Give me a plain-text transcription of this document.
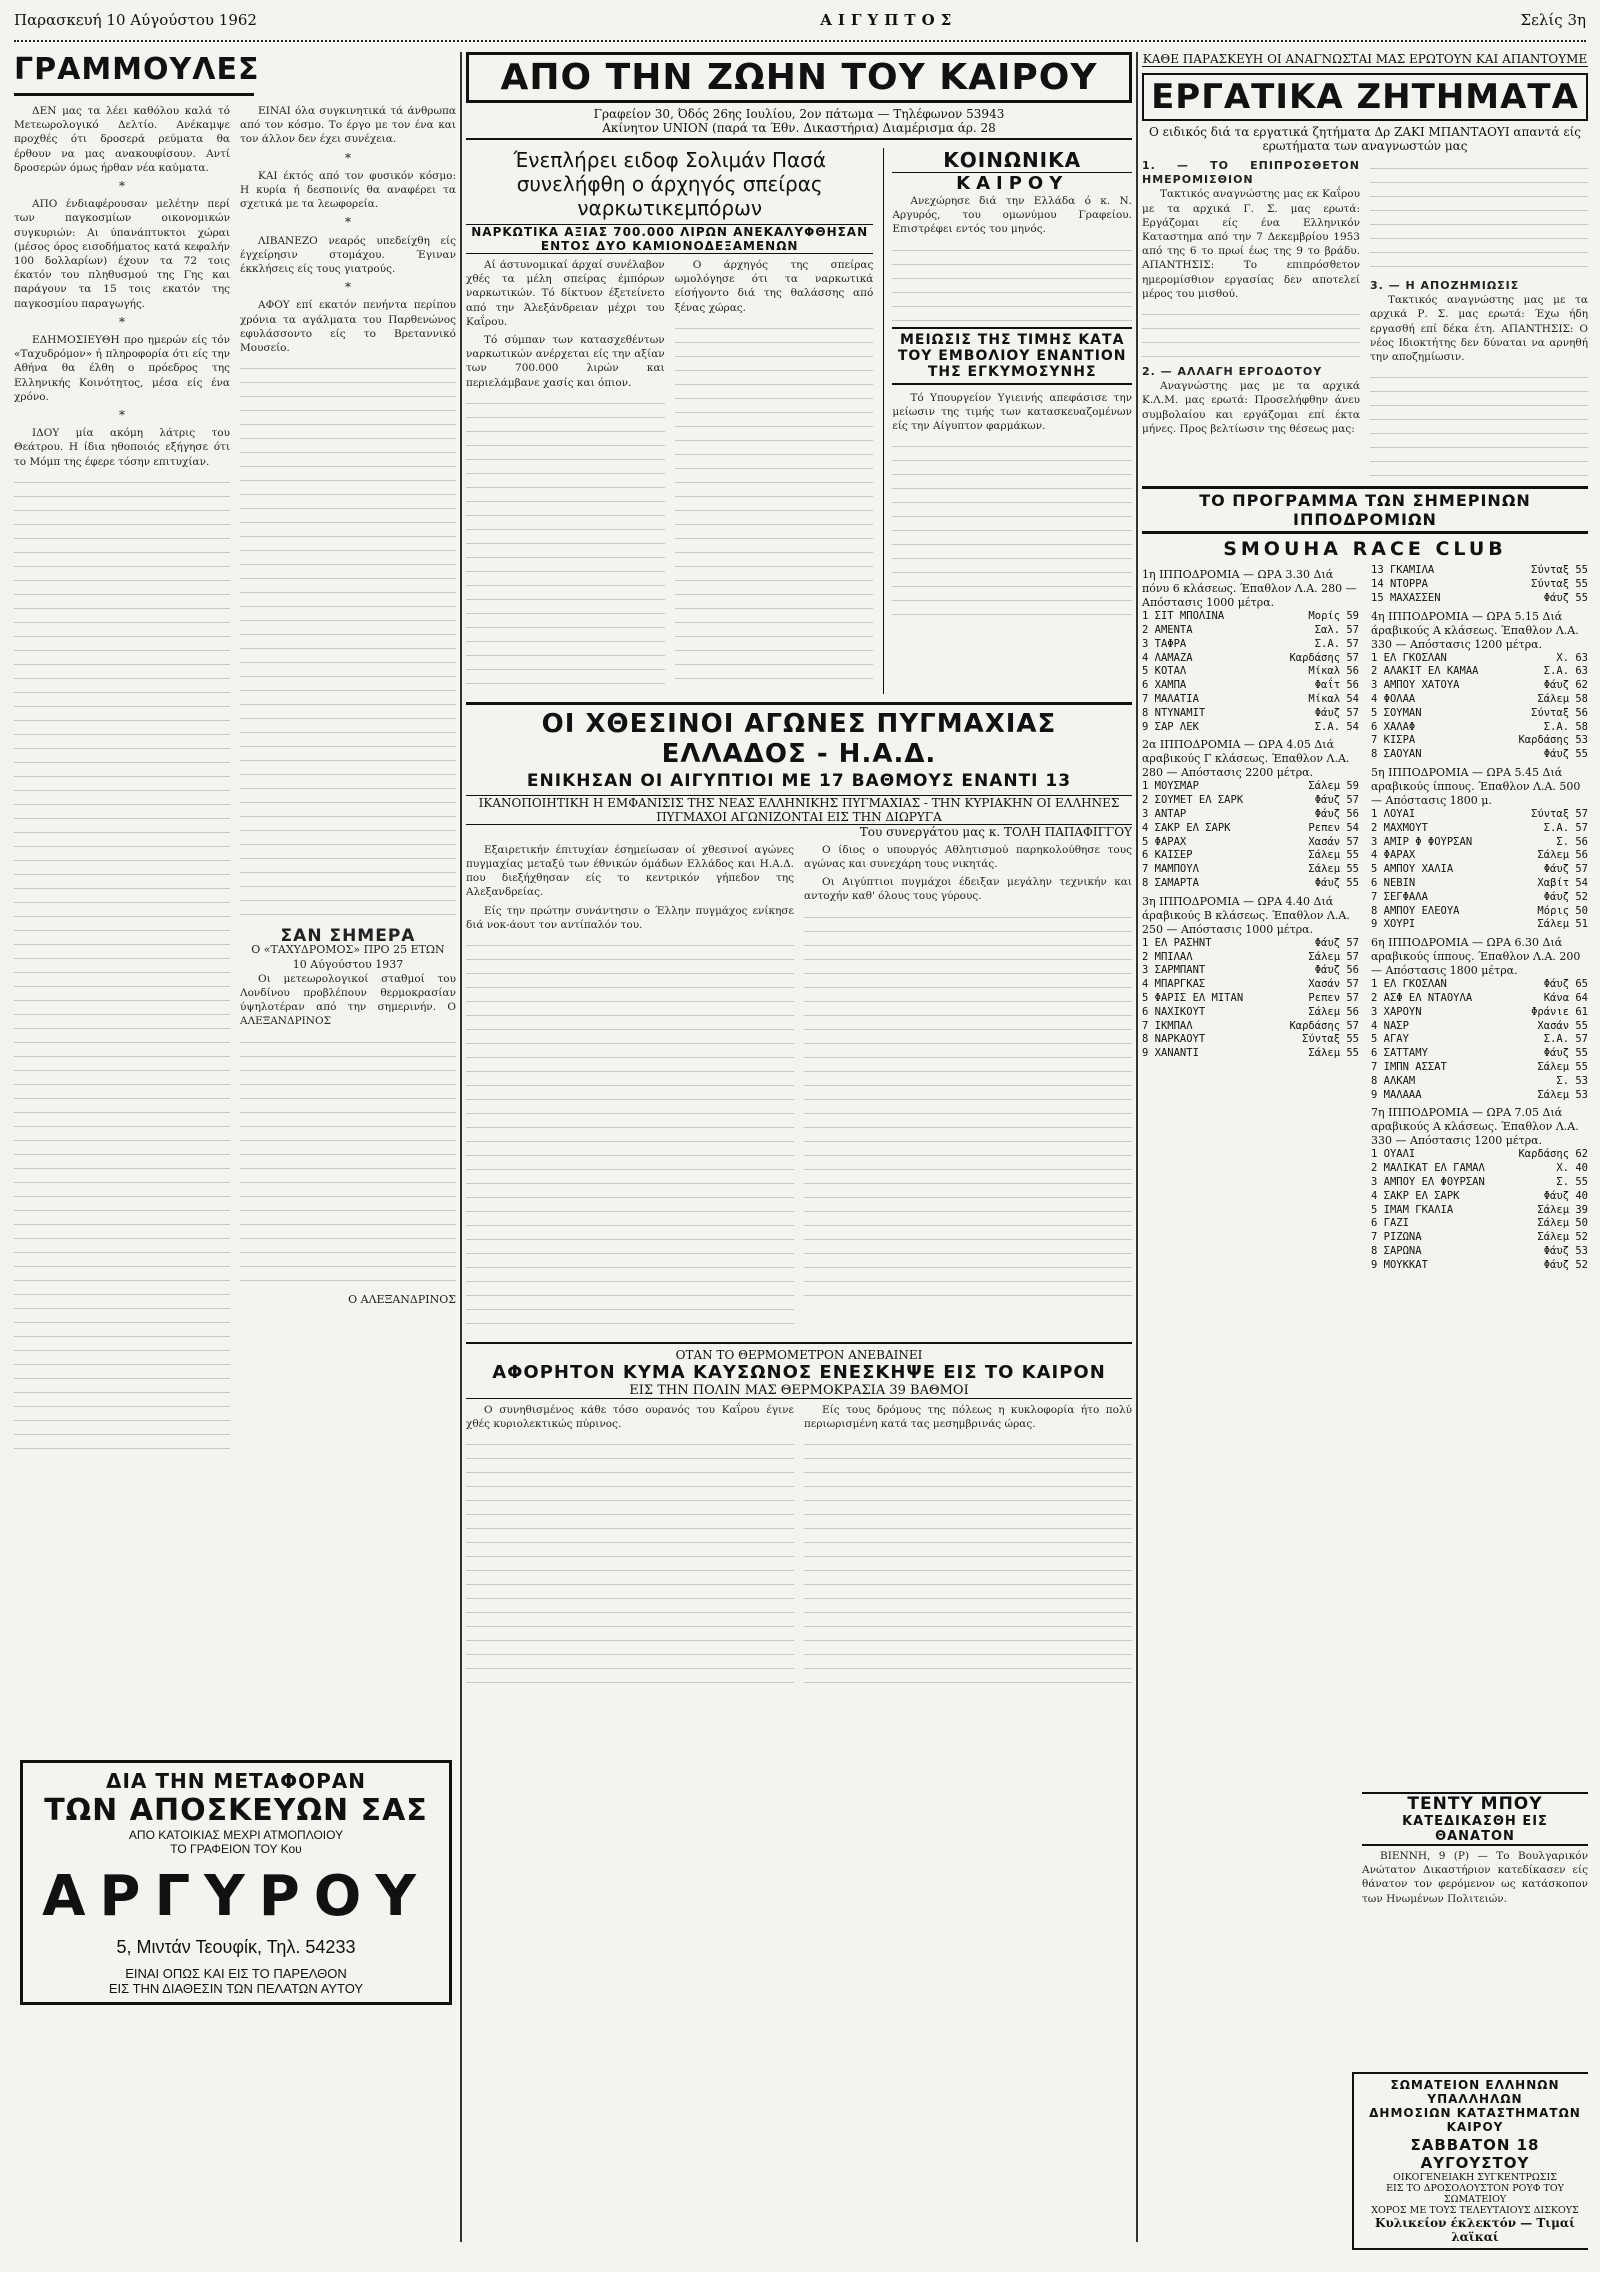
Παρασκευή 10 Αύγούστου 1962	ΑΙΓΥΠΤΟΣ	Σελίς 3η
ΓΡΑΜΜΟΥΛΕΣ

ΔΕΝ μας τα λέει καθόλου καλά τό Μετεωρολογικό Δελτίο. Ανέκαμψε προχθές ότι δροσερά ρεύματα θα έρθουν να μας ανακουφίσουν. Αντί δροσερών όμως ήρθαν νέα καύματα.

*

ΑΠΟ ένδιαφέρουσαν μελέτην περί των παγκοσμίων οικονομικών συγκυριών: Αι ύπανάπτυκτοι χώραι (μέσος όρος εισοδήματος κατά κεφαλήν 100 δολλαρίων) έχουν τα 72 τοις έκατόν του πληθυσμού της Γης και παράγουν τα 15 τοις εκατόν της παγκοσμίου παραγωγής.

*

ΕΔΗΜΟΣΙΕΥΘΗ προ ημερών είς τόν «Ταχυδρόμον» ή πληροφορία ότι είς την Αθήνα θα έλθη ο πρόεδρος της Ελληνικής Κοινότητος, μέσα είς ένα χρόνο.

*

ΙΔΟΥ μία ακόμη λάτρις του Θεάτρου. Η ίδια ηθοποιός εξήγησε ότι το Μόμπ της έφερε τόσην επιτυχίαν.

ΕΙΝΑΙ όλα συγκινητικά τά άνθρωπα από τον κόσμο. Το έργο με τον ένα και τον άλλον δεν έχει συνέχεια.

*

ΚΑΙ έκτός από τον φυσικόν κόσμο: Η κυρία ή δεσποινίς θα αναφέρει τα σχετικά με τα λεωφορεία.

*

ΛΙΒΑΝΕΖΟ νεαρός υπεδείχθη είς έγχείρησιν στομάχου. Έγιναν έκκλήσεις είς τους γιατρούς.

*

ΑΦΟΥ επί εκατόν πενήντα περίπου χρόνια τα αγάλματα του Παρθενώνος εφυλάσσοντο είς το Βρεταννικό Μουσείο.

ΣΑΝ ΣΗΜΕΡΑ
Ο «ΤΑΧΥΔΡΟΜΟΣ» ΠΡΟ 25 ΕΤΩΝ
10 Αύγούστου 1937

Οι μετεωρολογικοί σταθμοί του Λονδίνου προβλέπουν θερμοκρασίαν ύψηλοτέραν από την σημερινήν. Ο ΑΛΕΞΑΝΔΡΙΝΟΣ

Ο ΑΛΕΞΑΝΔΡΙΝΟΣ
ΔΙΑ ΤΗΝ ΜΕΤΑΦΟΡΑΝ
ΤΩΝ ΑΠΟΣΚΕΥΩΝ ΣΑΣ
ΑΠΟ ΚΑΤΟΙΚΙΑΣ ΜΕΧΡΙ ΑΤΜΟΠΛΟΙΟΥ
ΤΟ ΓΡΑΦΕΙΟΝ ΤΟΥ Κου
ΑΡΓΥΡΟΥ
5, Μιντάν Τεουφίκ, Τηλ. 54233
ΕΙΝΑΙ ΟΠΩΣ ΚΑΙ ΕΙΣ ΤΟ ΠΑΡΕΛΘΟΝ
ΕΙΣ ΤΗΝ ΔΙΑΘΕΣΙΝ ΤΩΝ ΠΕΛΑΤΩΝ ΑΥΤΟΥ
ΑΠΟ ΤΗΝ ΖΩΗΝ ΤΟΥ ΚΑΙΡΟΥ
Γραφείον 30, Όδός 26ης Ιουλίου, 2ον πάτωμα — Τηλέφωνον 53943
Ακίνητον UNION (παρά τα Έθν. Δικαστήρια) Διαμέρισμα άρ. 28
Ένεπλήρει ειδοφ Σολιμάν Πασά συνελήφθη ο άρχηγός σπείρας ναρκωτικεμπόρων
ΝΑΡΚΩΤΙΚΑ ΑΞΙΑΣ 700.000 ΛΙΡΩΝ ΑΝΕΚΑΛΥΦΘΗΣΑΝ ΕΝΤΟΣ ΔΥΟ ΚΑΜΙΟΝΟΔΕΞΑΜΕΝΩΝ

Αί άστυνομικαί άρχαί συνέλαβον χθές τα μέλη σπείρας έμπόρων ναρκωτικών. Τό δίκτυον έξετείνετο από την Άλεξάνδρειαν μέχρι του Καΐρου.

Τό σύμπαν των κατασχεθέντων ναρκωτικών ανέρχεται είς την αξίαν των 700.000 λιρών και περιελάμβανε χασίς και όπιον.

Ο άρχηγός της σπείρας ωμολόγησε ότι τα ναρκωτικά είσήγοντο διά της θαλάσσης από ξένας χώρας.

ΚΟΙΝΩΝΙΚΑ
ΚΑΙΡΟΥ

Ανεχώρησε διά την Ελλάδα ό κ. Ν. Αργυρός, του ομωνύμου Γραφείου. Επιστρέφει εντός του μηνός.

ΜΕΙΩΣΙΣ ΤΗΣ ΤΙΜΗΣ ΚΑΤΑ ΤΟΥ ΕΜΒΟΛΙΟΥ ΕΝΑΝΤΙΟΝ ΤΗΣ ΕΓΚΥΜΟΣΥΝΗΣ

Τό Υπουργείον Υγιεινής απεφάσισε την μείωσιν της τιμής των κατασκευαζομένων είς την Αίγυπτον φαρμάκων.

ΟΙ ΧΘΕΣΙΝΟΙ ΑΓΩΝΕΣ ΠΥΓΜΑΧΙΑΣ ΕΛΛΑΔΟΣ - Η.Α.Δ.
ΕΝΙΚΗΣΑΝ ΟΙ ΑΙΓΥΠΤΙΟΙ ΜΕ 17 ΒΑΘΜΟΥΣ ΕΝΑΝΤΙ 13
ΙΚΑΝΟΠΟΙΗΤΙΚΗ Η ΕΜΦΑΝΙΣΙΣ ΤΗΣ ΝΕΑΣ ΕΛΛΗΝΙΚΗΣ ΠΥΓΜΑΧΙΑΣ - ΤΗΝ ΚΥΡΙΑΚΗΝ ΟΙ ΕΛΛΗΝΕΣ ΠΥΓΜΑΧΟΙ ΑΓΩΝΙΖΟΝΤΑΙ ΕΙΣ ΤΗΝ ΔΙΩΡΥΓΑ
Του συνεργάτου μας κ. ΤΟΛΗ ΠΑΠΑΦΙΓΓΟΥ

Εξαιρετικήν έπιτυχίαν έσημείωσαν οί χθεσινοί αγώνες πυγμαχίας μεταξύ των έθνικών όμάδων Ελλάδος και Η.Α.Δ. που διεξήχθησαν είς το κεντρικόν γήπεδον της Αλεξανδρείας.

Είς την πρώτην συνάντησιν ο Έλλην πυγμάχος ενίκησε διά νοκ-άουτ τον αντίπαλόν του.

Ο ίδιος ο υπουργός Αθλητισμού παρηκολούθησε τους αγώνας και συνεχάρη τους νικητάς.

Οι Αιγύπτιοι πυγμάχοι έδειξαν μεγάλην τεχνικήν και αντοχήν καθ' όλους τους γύρους.

ΟΤΑΝ ΤΟ ΘΕΡΜΟΜΕΤΡΟΝ ΑΝΕΒΑΙΝΕΙ
ΑΦΟΡΗΤΟΝ ΚΥΜΑ ΚΑΥΣΩΝΟΣ ΕΝΕΣΚΗΨΕ ΕΙΣ ΤΟ ΚΑΙΡΟΝ
ΕΙΣ ΤΗΝ ΠΟΛΙΝ ΜΑΣ ΘΕΡΜΟΚΡΑΣΙΑ 39 ΒΑΘΜΟΙ

Ο συνηθισμένος κάθε τόσο ουρανός του Καΐρου έγινε χθές κυριολεκτικώς πύρινος.

Είς τους δρόμους της πόλεως η κυκλοφορία ήτο πολύ περιωρισμένη κατά τας μεσημβρινάς ώρας.

ΚΑΘΕ ΠΑΡΑΣΚΕΥΗ ΟΙ ΑΝΑΓΝΩΣΤΑΙ ΜΑΣ ΕΡΩΤΟΥΝ ΚΑΙ ΑΠΑΝΤΟΥΜΕ
ΕΡΓΑΤΙΚΑ ΖΗΤΗΜΑΤΑ
Ο ειδικός διά τα εργατικά ζητήματα Δρ ΖΑΚΙ ΜΠΑΝΤΑΟΥΙ απαντά είς ερωτήματα των αναγνωστών μας
1. — ΤΟ ΕΠΙΠΡΟΣΘΕΤΟΝ ΗΜΕΡΟΜΙΣΘΙΟΝ

Τακτικός αναγνώστης μας εκ Καΐρου με τα αρχικά Γ. Σ. μας ερωτά: Εργάζομαι είς ένα Ελληνικόν Καταστημα από την 7 Δεκεμβρίου 1953 από της 6 το πρωί έως της 9 το βράδυ. ΑΠΑΝΤΗΣΙΣ: Το επιπρόσθετον ημερομίσθιον εργασίας δεν αποτελεί μέρος του μισθού.

2. — ΑΛΛΑΓΗ ΕΡΓΟΔΟΤΟΥ

Αναγνώστης μας με τα αρχικά Κ.Λ.Μ. μας ερωτά: Προσελήφθην άνευ συμβολαίου και εργάζομαι επί έκτα μήνες. Προς βελτίωσιν της θέσεως μας:

3. — Η ΑΠΟΖΗΜΙΩΣΙΣ

Τακτικός αναγνώστης μας με τα αρχικά Ρ. Σ. μας ερωτά: Έχω ήδη εργασθή επί δέκα έτη. ΑΠΑΝΤΗΣΙΣ: Ο νέος Ιδιοκτήτης δεν δύναται να αρνηθή την αποζημίωσιν.

ΤΟ ΠΡΟΓΡΑΜΜΑ ΤΩΝ ΣΗΜΕΡΙΝΩΝ ΙΠΠΟΔΡΟΜΙΩΝ
SMOUHA RACE CLUB
1η ΙΠΠΟΔΡΟΜΙΑ — ΩΡΑ 3.30 Διά πόνυ 6 κλάσεως. Έπαθλον Λ.Α. 280 — Απόστασις 1000 μέτρα.
1 ΣΙΤ ΜΠΟΛΙΝΑ	Μορίς 59
2 ΑΜΕΝΤΑ	Σαλ. 57
3 ΤΑΦΡΑ	Σ.Α. 57
4 ΛΑΜΑΖΑ	Καρδάσης 57
5 ΚΟΤΑΛ	Μίκαλ 56
6 ΧΑΜΠΑ	Φαΐτ 56
7 ΜΑΛΑΤΙΑ	Μίκαλ 54
8 ΝΤΥΝΑΜΙΤ	Φάυζ 57
9 ΣΑΡ ΛΕΚ	Σ.Α. 54
2α ΙΠΠΟΔΡΟΜΙΑ — ΩΡΑ 4.05 Διά αραβικούς Γ κλάσεως. Έπαθλον Λ.Α. 280 — Απόστασις 2200 μέτρα.
1 ΜΟΥΣΜΑΡ	Σάλεμ 59
2 ΣΟΥΜΕΤ ΕΛ ΣΑΡΚ	Φάυζ 57
3 ΑΝΤΑΡ	Φάυζ 56
4 ΣΑΚΡ ΕΛ ΣΑΡΚ	Ρεπεν 54
5 ΦΑΡΑΧ	Χασάν 57
6 ΚΑΙΣΕΡ	Σάλεμ 55
7 ΜΑΜΠΟΥΛ	Σάλεμ 55
8 ΣΑΜΑΡΤΑ	Φάυζ 55
3η ΙΠΠΟΔΡΟΜΙΑ — ΩΡΑ 4.40 Διά άραβικούς Β κλάσεως. Έπαθλον Λ.Α. 250 — Απόστασις 1000 μέτρα.
1 ΕΛ ΡΑΣΗΝΤ	Φάυζ 57
2 ΜΠΙΛΑΛ	Σάλεμ 57
3 ΣΑΡΜΠΑΝΤ	Φάυζ 56
4 ΜΠΑΡΓΚΑΣ	Χασάν 57
5 ΦΑΡΙΣ ΕΛ ΜΙΤΑΝ	Ρεπεν 57
6 ΝΑΧΙΚΟΥΤ	Σάλεμ 56
7 ΙΚΜΠΑΛ	Καρδάσης 57
8 ΝΑΡΚΑΟΥΤ	Σύνταξ 55
9 ΧΑΝΑΝΤΙ	Σάλεμ 55
13 ΓΚΑΜΙΛΑ	Σύνταξ 55
14 ΝΤΟΡΡΑ	Σύνταξ 55
15 ΜΑΧΑΣΣΕΝ	Φάυζ 55
4η ΙΠΠΟΔΡΟΜΙΑ — ΩΡΑ 5.15 Διά άραβικούς Α κλάσεως. Έπαθλον Λ.Α. 330 — Απόστασις 1200 μέτρα.
1 ΕΛ ΓΚΟΣΛΑΝ	Χ. 63
2 ΑΛΑΚΙΤ ΕΛ ΚΑΜΑΑ	Σ.Α. 63
3 ΑΜΠΟΥ ΧΑΤΟΥΑ	Φάυζ 62
4 ΦΟΛΑΑ	Σάλεμ 58
5 ΣΟΥΜΑΝ	Σύνταξ 56
6 ΧΑΛΑΦ	Σ.Α. 58
7 ΚΙΣΡΑ	Καρδάσης 53
8 ΣΑΟΥΑΝ	Φάυζ 55
5η ΙΠΠΟΔΡΟΜΙΑ — ΩΡΑ 5.45 Διά αραβικούς ίππους. Έπαθλον Λ.Α. 500 — Απόστασις 1800 μ.
1 ΛΟΥΑΙ	Σύνταξ 57
2 ΜΑΧΜΟΥΤ	Σ.Α. 57
3 ΑΜΙΡ Φ ΦΟΥΡΣΑΝ	Σ. 56
4 ΦΑΡΑΧ	Σάλεμ 56
5 ΑΜΠΟΥ ΧΑΛΙΑ	Φάυζ 57
6 ΝΕΒΙΝ	Χαβίτ 54
7 ΣΕΓΦΑΛΑ	Φάυζ 52
8 ΑΜΠΟΥ ΕΛΕΟΥΑ	Μόρις 50
9 ΧΟΥΡΙ	Σάλεμ 51
6η ΙΠΠΟΔΡΟΜΙΑ — ΩΡΑ 6.30 Διά αραβικούς ίππους. Έπαθλον Λ.Α. 200 — Απόστασις 1800 μέτρα.
1 ΕΛ ΓΚΟΣΛΑΝ	Φάυζ 65
2 ΑΣΦ ΕΛ ΝΤΑΟΥΛΑ	Κάνα 64
3 ΧΑΡΟΥΝ	Φράνιε 61
4 ΝΑΣΡ	Χασάν 55
5 ΑΓΑΥ	Σ.Α. 57
6 ΣΑΤΤΑΜΥ	Φάυζ 55
7 ΙΜΠΝ ΑΣΣΑΤ	Σάλεμ 55
8 ΑΛΚΑΜ	Σ. 53
9 ΜΑΛΑΑΑ	Σάλεμ 53
7η ΙΠΠΟΔΡΟΜΙΑ — ΩΡΑ 7.05 Διά αραβικούς Α κλάσεως. Έπαθλον Λ.Α. 330 — Απόστασις 1200 μέτρα.
1 ΟΥΑΛΙ	Καρδάσης 62
2 ΜΑΛΙΚΑΤ ΕΛ ΓΑΜΑΛ	Χ. 40
3 ΑΜΠΟΥ ΕΛ ΦΟΥΡΣΑΝ	Σ. 55
4 ΣΑΚΡ ΕΛ ΣΑΡΚ	Φάυζ 40
5 ΙΜΑΜ ΓΚΑΛΙΑ	Σάλεμ 39
6 ΓΑΖΙ	Σάλεμ 50
7 ΡΙΖΩΝΑ	Σάλεμ 52
8 ΣΑΡΩΝΑ	Φάυζ 53
9 ΜΟΥΚΚΑΤ	Φάυζ 52
ΤΕΝΤΥ ΜΠΟΥ
ΚΑΤΕΔΙΚΑΣΘΗ ΕΙΣ ΘΑΝΑΤΟΝ

ΒΙΕΝΝΗ, 9 (Ρ) — Το Βουλγαρικόν Ανώτατον Δικαστήριον κατεδίκασεν είς θάνατον τον φερόμενον ως κατάσκοπον των Ηνωμένων Πολιτειών.

ΣΩΜΑΤΕΙΟΝ ΕΛΛΗΝΩΝ ΥΠΑΛΛΗΛΩΝ
ΔΗΜΟΣΙΩΝ ΚΑΤΑΣΤΗΜΑΤΩΝ ΚΑΙΡΟΥ
ΣΑΒΒΑΤΟΝ 18 ΑΥΓΟΥΣΤΟΥ
ΟΙΚΟΓΕΝΕΙΑΚΗ ΣΥΓΚΕΝΤΡΩΣΙΣ
ΕΙΣ ΤΟ ΔΡΟΣΟΛΟΥΣΤΟΝ ΡΟΥΦ ΤΟΥ ΣΩΜΑΤΕΙΟΥ
ΧΟΡΟΣ ΜΕ ΤΟΥΣ ΤΕΛΕΥΤΑΙΟΥΣ ΔΙΣΚΟΥΣ
Κυλικείον έκλεκτόν — Τιμαί λαϊκαί
